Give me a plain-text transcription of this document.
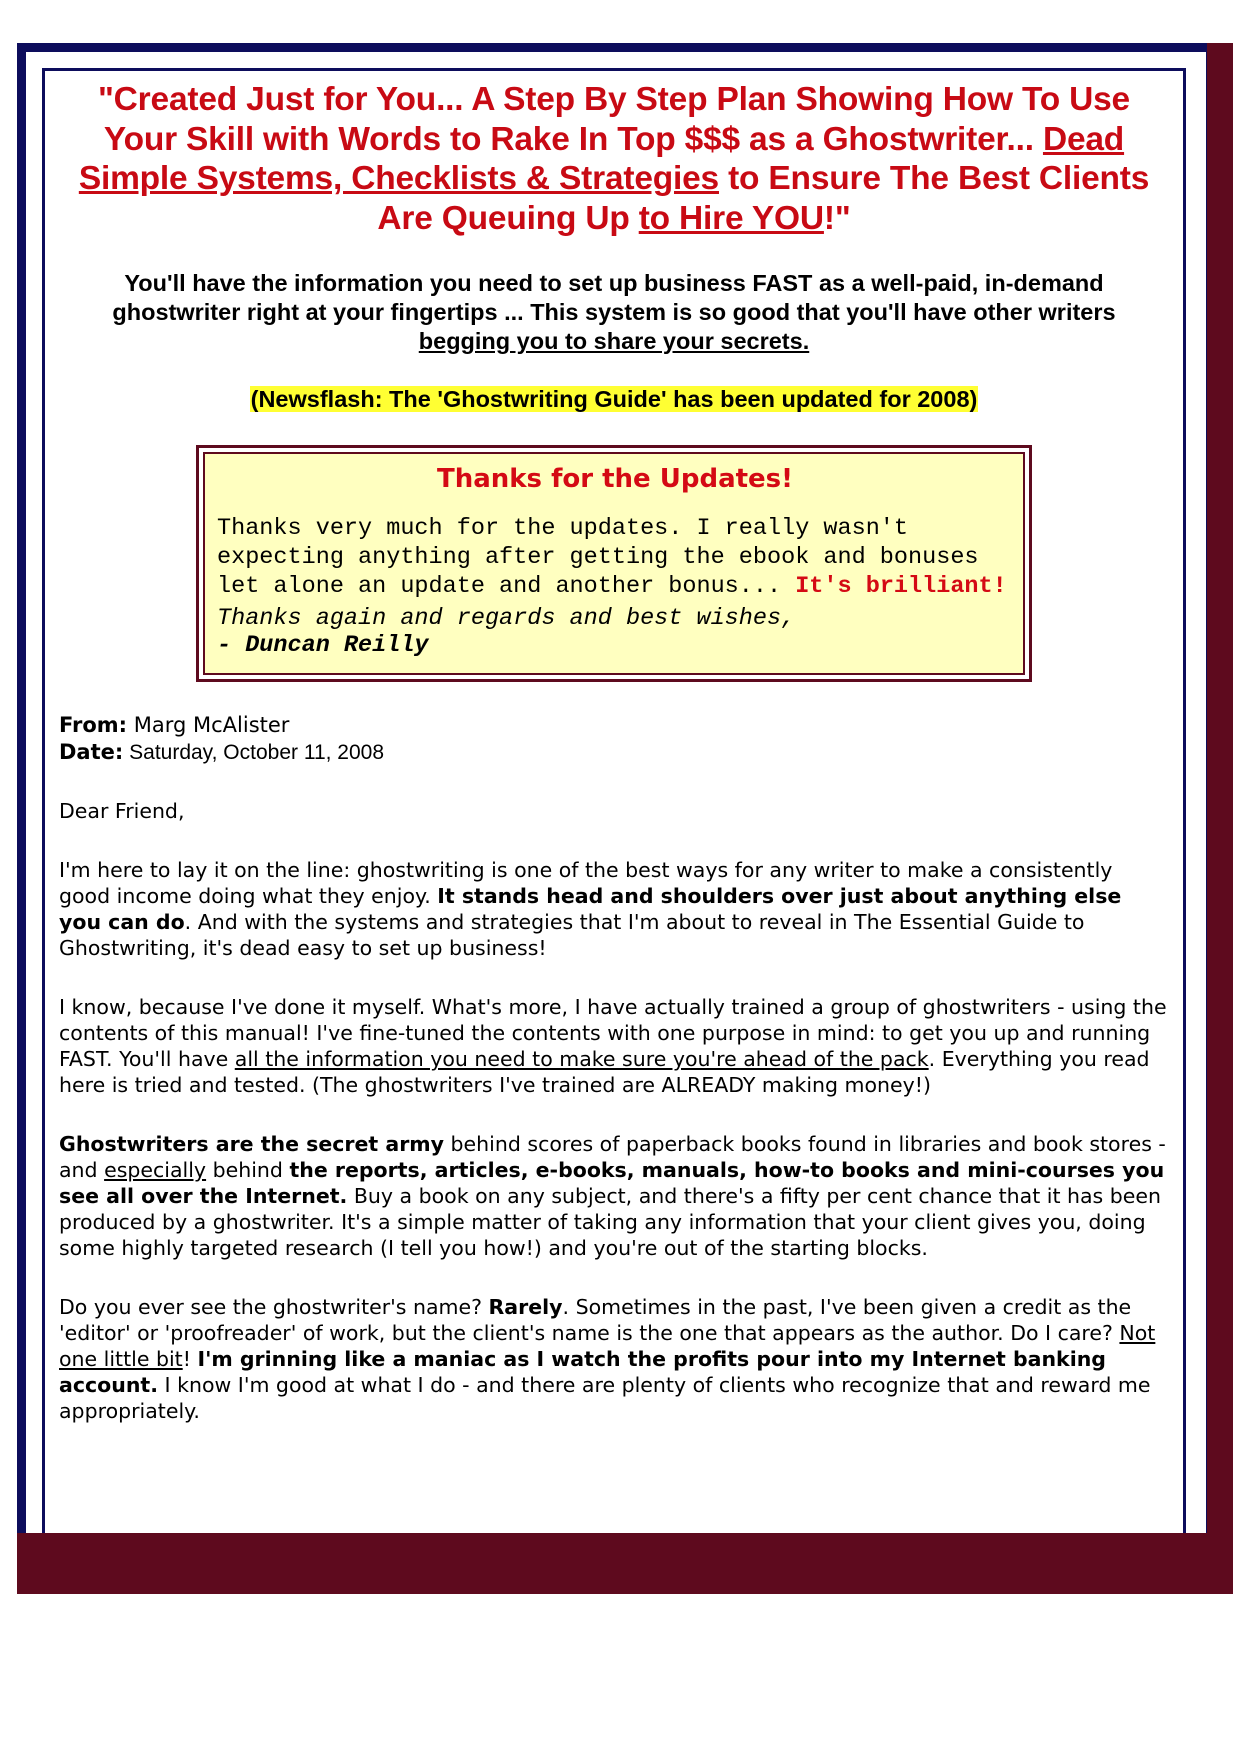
"Created Just for You... A Step By Step Plan Showing How To Use Your Skill with Words to Rake In Top $$$ as a Ghostwriter... Dead Simple Systems, Checklists & Strategies to Ensure The Best Clients Are Queuing Up to Hire YOU!"

You'll have the information you need to set up business FAST as a well-paid, in-demand ghostwriter right at your fingertips ... This system is so good that you'll have other writers begging you to share your secrets.

(Newsflash: The 'Ghostwriting Guide' has been updated for 2008)

Thanks for the Updates!

Thanks very much for the updates. I really wasn't expecting anything after getting the ebook and bonuses let alone an update and another bonus... It's brilliant!

Thanks again and regards and best wishes,
- Duncan Reilly

From: Marg McAlister
Date: Saturday, October 11, 2008

Dear Friend,

I'm here to lay it on the line: ghostwriting is one of the best ways for any writer to make a consistently good income doing what they enjoy. It stands head and shoulders over just about anything else you can do. And with the systems and strategies that I'm about to reveal in The Essential Guide to Ghostwriting, it's dead easy to set up business!

I know, because I've done it myself. What's more, I have actually trained a group of ghostwriters - using the contents of this manual! I've fine-tuned the contents with one purpose in mind: to get you up and running FAST. You'll have all the information you need to make sure you're ahead of the pack. Everything you read here is tried and tested. (The ghostwriters I've trained are ALREADY making money!)

Ghostwriters are the secret army behind scores of paperback books found in libraries and book stores - and especially behind the reports, articles, e-books, manuals, how-to books and mini-courses you see all over the Internet. Buy a book on any subject, and there's a fifty per cent chance that it has been produced by a ghostwriter. It's a simple matter of taking any information that your client gives you, doing some highly targeted research (I tell you how!) and you're out of the starting blocks.

Do you ever see the ghostwriter's name? Rarely. Sometimes in the past, I've been given a credit as the 'editor' or 'proofreader' of work, but the client's name is the one that appears as the author. Do I care? Not one little bit! I'm grinning like a maniac as I watch the profits pour into my Internet banking account. I know I'm good at what I do - and there are plenty of clients who recognize that and reward me appropriately.
